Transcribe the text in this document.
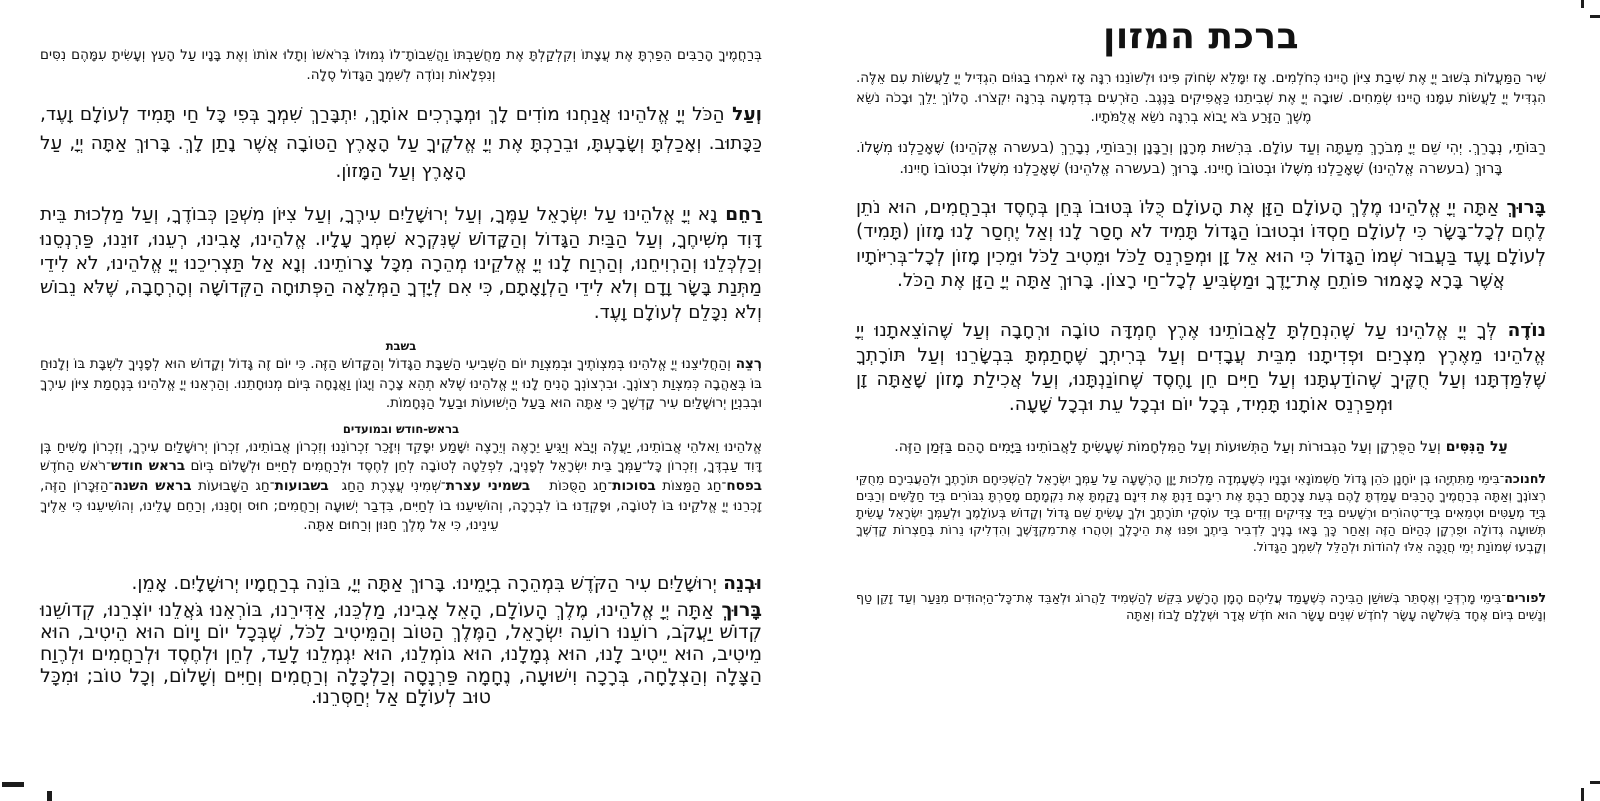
בְּרַחֲמֶיךָ הָרַבִּים הֵפַרְתָּ אֶת עֲצָתוֹ וְקִלְקַלְתָּ אֶת מַחֲשַׁבְתּוֹ וַהֲשֵׁבוֹתָ־לוֹ גְמוּלוֹ בְּרֹאשׁוֹ וְתָלוּ אוֹתוֹ וְאֶת בָּנָיו עַל הָעֵץ וְעָשִׂיתָ עִמָּהֶם נִסִּים וְנִפְלָאוֹת וְנוֹדֶה לְשִׁמְךָ הַגָּדוֹל סֶלָה.

וְעַל הַכֹּל יְיָ אֱלֹהֵינוּ אֲנַחְנוּ מוֹדִים לָךְ וּמְבָרְכִים אוֹתָךְ, יִתְבָּרַךְ שִׁמְךָ בְּפִי כָּל חַי תָּמִיד לְעוֹלָם וָעֶד, כַּכָּתוּב. וְאָכַלְתָּ וְשָׂבָעְתָּ, וּבֵרַכְתָּ אֶת יְיָ אֱלֹקֶיךָ עַל הָאָרֶץ הַטּוֹבָה אֲשֶׁר נָתַן לָךְ. בָּרוּךְ אַתָּה יְיָ, עַל הָאָרֶץ וְעַל הַמָּזוֹן.

רַחֵם נָא יְיָ אֱלֹהֵינוּ עַל יִשְׂרָאֵל עַמֶּךָ, וְעַל יְרוּשָׁלַיִם עִירֶךָ, וְעַל צִיּוֹן מִשְׁכַּן כְּבוֹדֶךָ, וְעַל מַלְכוּת בֵּית דָּוִד מְשִׁיחֶךָ, וְעַל הַבַּיִת הַגָּדוֹל וְהַקָּדוֹשׁ שֶׁנִּקְרָא שִׁמְךָ עָלָיו. אֱלֹהֵינוּ, אָבִינוּ, רְעֵנוּ, זוּנֵנוּ, פַּרְנְסֵנוּ וְכַלְכְּלֵנוּ וְהַרְוִיחֵנוּ, וְהַרְוַח לָנוּ יְיָ אֱלֹקֵינוּ מְהֵרָה מִכָּל צָרוֹתֵינוּ. וְנָא אַל תַּצְרִיכֵנוּ יְיָ אֱלֹהֵינוּ, לֹא לִידֵי מַתְּנַת בָּשָׂר וָדָם וְלֹא לִידֵי הַלְוָאָתָם, כִּי אִם לְיָדְךָ הַמְּלֵאָה הַפְּתוּחָה הַקְּדוֹשָׁה וְהָרְחָבָה, שֶׁלֹּא נֵבוֹשׁ וְלֹא נִכָּלֵם לְעוֹלָם וָעֶד.

בשבת

רְצֵה וְהַחֲלִיצֵנוּ יְיָ אֱלֹהֵינוּ בְּמִצְוֹתֶיךָ וּבְמִצְוַת יוֹם הַשְּׁבִיעִי הַשַּׁבָּת הַגָּדוֹל וְהַקָּדוֹשׁ הַזֶּה. כִּי יוֹם זֶה גָּדוֹל וְקָדוֹשׁ הוּא לְפָנֶיךָ לִשְׁבָּת בּוֹ וְלָנוּחַ בּוֹ בְּאַהֲבָה כְּמִצְוַת רְצוֹנֶךָ. וּבִרְצוֹנְךָ הָנִיחַ לָנוּ יְיָ אֱלֹהֵינוּ שֶׁלֹּא תְהֵא צָרָה וְיָגוֹן וַאֲנָחָה בְּיוֹם מְנוּחָתֵנוּ. וְהַרְאֵנוּ יְיָ אֱלֹהֵינוּ בְּנֶחָמַת צִיּוֹן עִירֶךָ וּבְבִנְיַן יְרוּשָׁלַיִם עִיר קָדְשֶׁךָ כִּי אַתָּה הוּא בַּעַל הַיְשׁוּעוֹת וּבַעַל הַנֶּחָמוֹת.

בראש-חודש ובמועדים

אֱלֹהֵינוּ וֵאלֹהֵי אֲבוֹתֵינוּ, יַעֲלֶה וְיָבֹא וְיַגִּיעַ יֵרָאֶה וְיֵרָצֶה יִשָּׁמַע יִפָּקֵד וְיִזָּכֵר זִכְרוֹנֵנוּ וְזִכְרוֹן אֲבוֹתֵינוּ, זִכְרוֹן יְרוּשָׁלַיִם עִירֶךָ, וְזִכְרוֹן מָשִׁיחַ בֶּן דָּוִד עַבְדֶּךָ, וְזִכְרוֹן כָּל־עַמְּךָ בֵּית יִשְׂרָאֵל לְפָנֶיךָ, לִפְלֵטָה לְטוֹבָה לְחֵן לְחֶסֶד וּלְרַחֲמִים לְחַיִּים וּלְשָׁלוֹם בְּיוֹם בראש חודש־רֹאשׁ הַחֹדֶשׁ בפסח־חַג הַמַּצּוֹת בסוכות־חַג הַסֻּכּוֹת   בשמיני עצרת־שְׁמִינִי עֲצֶרֶת הַחַג  בשבועות־חַג הַשָּׁבוּעוֹת בראש השנה־הַזִּכָּרוֹן הַזֶּה, זָכְרֵנוּ יְיָ אֱלֹקֵינוּ בּוֹ לְטוֹבָה, וּפָקְדֵנוּ בוֹ לִבְרָכָה, וְהוֹשִׁיעֵנוּ בוֹ לְחַיִּים, בִּדְבַר יְשׁוּעָה וְרַחֲמִים; חוּס וְחָנֵּנוּ, וְרַחֵם עָלֵינוּ, וְהוֹשִׁיעֵנוּ כִּי אֵלֶיךָ עֵינֵינוּ, כִּי אֵל מֶלֶךְ חַנּוּן וְרַחוּם אַתָּה.

וּבְנֵה יְרוּשָׁלַיִם עִיר הַקֹּדֶשׁ בִּמְהֵרָה בְיָמֵינוּ. בָּרוּךְ אַתָּה יְיָ, בּוֹנֵה בְרַחֲמָיו יְרוּשָׁלָיִם. אָמֵן.

בָּרוּךְ אַתָּה יְיָ אֱלֹהֵינוּ, מֶלֶךְ הָעוֹלָם, הָאֵל אָבִינוּ, מַלְכֵּנוּ, אַדִּירֵנוּ, בּוֹרְאֵנוּ גֹּאֲלֵנוּ יוֹצְרֵנוּ, קְדוֹשֵׁנוּ קְדוֹשׁ יַעֲקֹב, רוֹעֵנוּ רוֹעֵה יִשְׂרָאֵל, הַמֶּלֶךְ הַטּוֹב וְהַמֵּיטִיב לַכֹּל, שֶׁבְּכָל יוֹם וָיוֹם הוּא הֵיטִיב, הוּא מֵיטִיב, הוּא יֵיטִיב לָנוּ, הוּא גְמָלָנוּ, הוּא גוֹמְלֵנוּ, הוּא יִגְמְלֵנוּ לָעַד, לְחֵן וּלְחֶסֶד וּלְרַחֲמִים וּלְרֶוַח הַצָּלָה וְהַצְלָחָה, בְּרָכָה וִישׁוּעָה, נֶחָמָה פַּרְנָסָה וְכַלְכָּלָה וְרַחֲמִים וְחַיִּים וְשָׁלוֹם, וְכָל טוֹב; וּמִכָּל טוּב לְעוֹלָם אַל יְחַסְּרֵנוּ.

ברכת המזון

שִׁיר הַמַּעֲלוֹת בְּשׁוּב יְיָ אֶת שִׁיבַת צִיּוֹן הָיִינוּ כְּחֹלְמִים. אָז יִמָּלֵא שְׂחוֹק פִּינוּ וּלְשׁוֹנֵנוּ רִנָּה אָז יֹאמְרוּ בַגּוֹיִם הִגְדִּיל יְיָ לַעֲשׂוֹת עִם אֵלֶּה. הִגְדִּיל יְיָ לַעֲשׂוֹת עִמָּנוּ הָיִינוּ שְׂמֵחִים. שׁוּבָה יְיָ אֶת שְׁבִיתֵנוּ כַּאֲפִיקִים בַּנֶּגֶב. הַזֹּרְעִים בְּדִמְעָה בְּרִנָּה יִקְצֹרוּ. הָלוֹךְ יֵלֵךְ וּבָכֹה נֹשֵׂא מֶשֶׁךְ הַזָּרַע בֹּא יָבוֹא בְרִנָּה נֹשֵׂא אֲלֻמֹּתָיו.

רַבּוֹתַי, נְבָרֵךְ. יְהִי שֵׁם יְיָ מְבֹרָךְ מֵעַתָּה וְעַד עוֹלָם. בִּרְשׁוּת מְרָנָן וְרַבָּנָן וְרַבּוֹתַי, נְבָרֵךְ (בעשרה אֱקֹהֵינוּ) שֶׁאָכַלְנוּ מִשֶּׁלוֹ. בָּרוּךְ (בעשרה אֱלֹהֵינוּ) שֶׁאָכַלְנוּ מִשֶּׁלוֹ וּבְטוֹבוֹ חָיִינוּ. בָּרוּךְ (בעשרה אֱלֹהֵינוּ) שֶׁאָכַלְנוּ מִשֶּׁלוֹ וּבְטוֹבוֹ חָיִינוּ.

בָּרוּךְ אַתָּה יְיָ אֱלֹהֵינוּ מֶלֶךְ הָעוֹלָם הַזָּן אֶת הָעוֹלָם כֻּלּוֹ בְּטוּבוֹ בְּחֵן בְּחֶסֶד וּבְרַחֲמִים, הוּא נֹתֵן לֶחֶם לְכָל־בָּשָׂר כִּי לְעוֹלָם חַסְדּוֹ וּבְטוּבוֹ הַגָּדוֹל תָּמִיד לֹא חָסַר לָנוּ וְאַל יֶחְסַר לָנוּ מָזוֹן (תָּמִיד) לְעוֹלָם וָעֶד בַּעֲבוּר שְׁמוֹ הַגָּדוֹל כִּי הוּא אֵל זָן וּמְפַרְנֵס לַכֹּל וּמֵטִיב לַכֹּל וּמֵכִין מָזוֹן לְכָל־בְּרִיּוֹתָיו אֲשֶׁר בָּרָא כָּאָמוּר פּוֹתֵחַ אֶת־יָדֶךָ וּמַשְׂבִּיעַ לְכָל־חַי רָצוֹן. בָּרוּךְ אַתָּה יְיָ הַזָּן אֶת הַכֹּל.

נוֹדֶה לְּךָ יְיָ אֱלֹהֵינוּ עַל שֶׁהִנְחַלְתָּ לַאֲבוֹתֵינוּ אֶרֶץ חֶמְדָּה טוֹבָה וּרְחָבָה וְעַל שֶׁהוֹצֵאתָנוּ יְיָ אֱלֹהֵינוּ מֵאֶרֶץ מִצְרַיִם וּפְדִיתָנוּ מִבֵּית עֲבָדִים וְעַל בְּרִיתְךָ שֶׁחָתַמְתָּ בִּבְשָׂרֵנוּ וְעַל תּוֹרָתְךָ שֶׁלִּמַּדְתָּנוּ וְעַל חֻקֶּיךָ שֶׁהוֹדַעְתָּנוּ וְעַל חַיִּים חֵן וָחֶסֶד שֶׁחוֹנַנְתָּנוּ, וְעַל אֲכִילַת מָזוֹן שָׁאַתָּה זָן וּמְפַרְנֵס אוֹתָנוּ תָּמִיד, בְּכָל יוֹם וּבְכָל עֵת וּבְכָל שָׁעָה.

עַל הַנִּסִּים וְעַל הַפֻּרְקָן וְעַל הַגְּבוּרוֹת וְעַל הַתְּשׁוּעוֹת וְעַל הַמִּלְחָמוֹת שֶׁעָשִׂיתָ לַאֲבוֹתֵינוּ בַּיָּמִים הָהֵם בַּזְּמַן הַזֶּה.

לחנוכה־בִּימֵי מַתִּתְיָהוּ בֶּן יוֹחָנָן כֹּהֵן גָּדוֹל חַשְׁמוֹנָאִי וּבָנָיו כְּשֶׁעָמְדָה מַלְכוּת יָוָן הָרְשָׁעָה עַל עַמְּךָ יִשְׂרָאֵל לְהַשְׁכִּיחָם תּוֹרָתֶךָ וּלְהַעֲבִירָם מֵחֻקֵּי רְצוֹנֶךָ וְאַתָּה בְּרַחֲמֶיךָ הָרַבִּים עָמַדְתָּ לָהֶם בְּעֵת צָרָתָם רַבְתָּ אֶת רִיבָם דַּנְתָּ אֶת דִּינָם נָקַמְתָּ אֶת נִקְמָתָם מָסַרְתָּ גִבּוֹרִים בְּיַד חַלָּשִׁים וְרַבִּים בְּיַד מְעַטִּים וּטְמֵאִים בְּיַד־טְהוֹרִים וּרְשָׁעִים בְּיַד צַדִּיקִים וְזֵדִים בְּיַד עוֹסְקֵי תוֹרָתֶךָ וּלְךָ עָשִׂיתָ שֵׁם גָּדוֹל וְקָדוֹשׁ בְּעוֹלָמֶךָ וּלְעַמְּךָ יִשְׂרָאֵל עָשִׂיתָ תְּשׁוּעָה גְדוֹלָה וּפֻרְקָן כְּהַיּוֹם הַזֶּה וְאַחַר כָּךְ בָּאוּ בָנֶיךָ לִדְבִיר בֵּיתֶךָ וּפִנּוּ אֶת הֵיכָלֶךָ וְטִהֲרוּ אֶת־מִקְדָּשֶׁךָ וְהִדְלִיקוּ נֵרוֹת בְּחַצְרוֹת קָדְשֶׁךָ וְקָבְעוּ שְׁמוֹנַת יְמֵי חֲנֻכָּה אֵלּוּ לְהוֹדוֹת וּלְהַלֵּל לְשִׁמְךָ הַגָּדוֹל.

לפורים־בִּימֵי מָרְדְּכַי וְאֶסְתֵּר בְּשׁוּשַׁן הַבִּירָה כְּשֶׁעָמַד עֲלֵיהֶם הָמָן הָרָשָׁע בִּקֵּשׁ לְהַשְׁמִיד לַהֲרוֹג וּלְאַבֵּד אֶת־כָּל־הַיְּהוּדִים מִנַּעַר וְעַד זָקֵן טַף וְנָשִׁים בְּיוֹם אֶחָד בִּשְׁלֹשָׁה עָשָׂר לְחֹדֶשׁ שְׁנֵים עָשָׂר הוּא חֹדֶשׁ אֲדָר וּשְׁלָלָם לָבוֹז וְאַתָּה
